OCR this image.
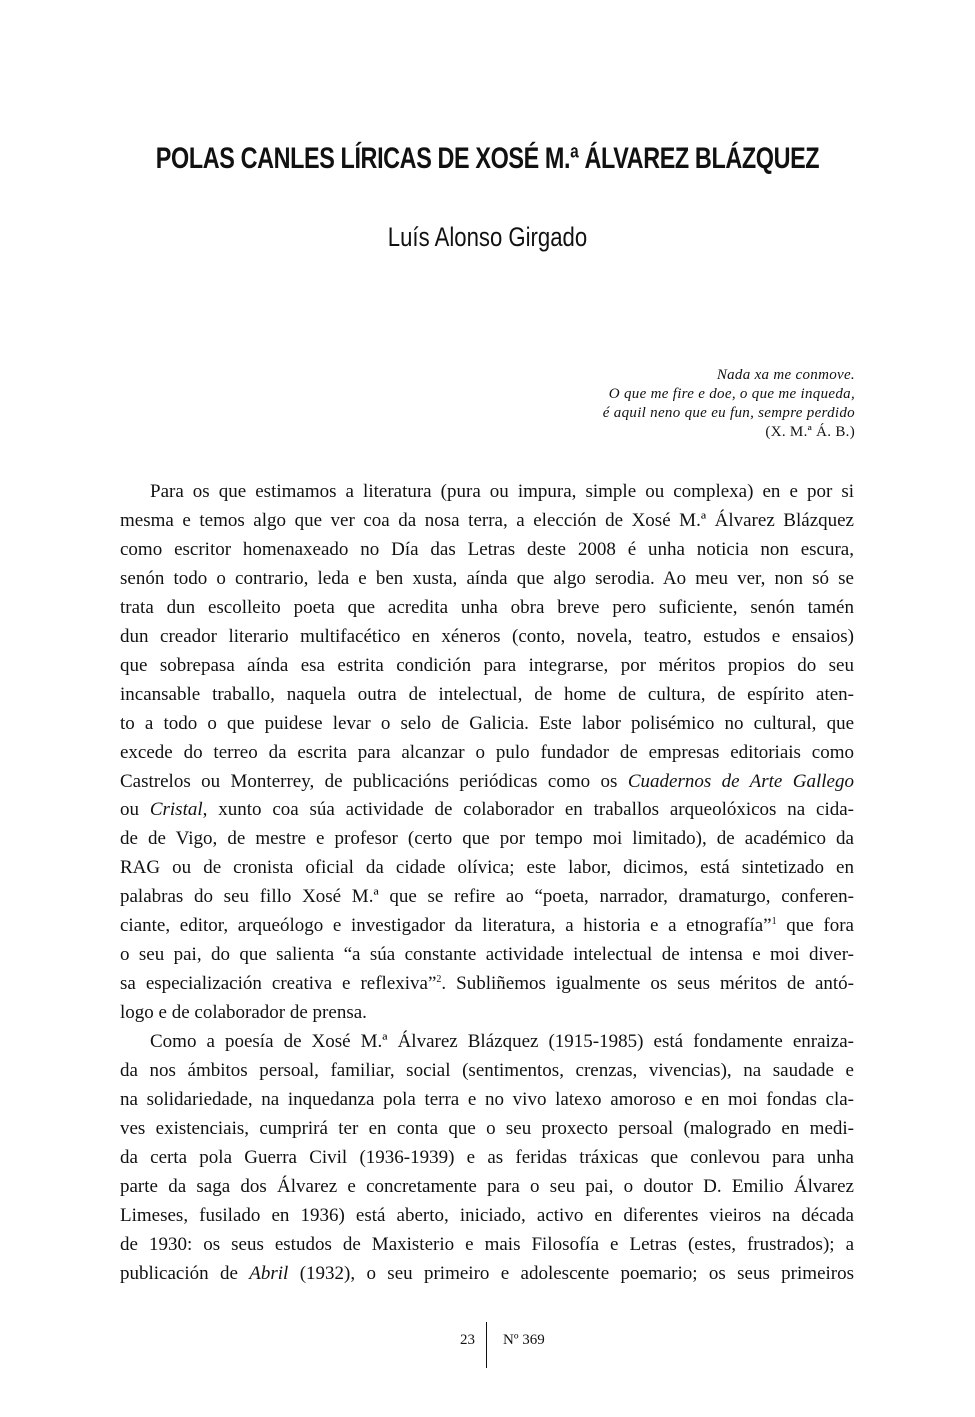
POLAS CANLES LÍRICAS DE XOSÉ M.ª ÁLVAREZ BLÁZQUEZ
Luís Alonso Girgado
Nada xa me conmove.
O que me fire e doe, o que me inqueda,
é aquil neno que eu fun, sempre perdido
(X. M.ª Á. B.)
Para os que estimamos a literatura (pura ou impura, simple ou complexa) en e por si
mesma e temos algo que ver coa da nosa terra, a elección de Xosé M.ª Álvarez Blázquez
como escritor homenaxeado no Día das Letras deste 2008 é unha noticia non escura,
senón todo o contrario, leda e ben xusta, aínda que algo serodia. Ao meu ver, non só se
trata dun escolleito poeta que acredita unha obra breve pero suficiente, senón tamén
dun creador literario multifacético en xéneros (conto, novela, teatro, estudos e ensaios)
que sobrepasa aínda esa estrita condición para integrarse, por méritos propios do seu
incansable traballo, naquela outra de intelectual, de home de cultura, de espírito aten-
to a todo o que puidese levar o selo de Galicia. Este labor polisémico no cultural, que
excede do terreo da escrita para alcanzar o pulo fundador de empresas editoriais como
Castrelos ou Monterrey, de publicacións periódicas como os Cuadernos de Arte Gallego
ou Cristal, xunto coa súa actividade de colaborador en traballos arqueolóxicos na cida-
de de Vigo, de mestre e profesor (certo que por tempo moi limitado), de académico da
RAG ou de cronista oficial da cidade olívica; este labor, dicimos, está sintetizado en
palabras do seu fillo Xosé M.ª que se refire ao “poeta, narrador, dramaturgo, conferen-
ciante, editor, arqueólogo e investigador da literatura, a historia e a etnografía”$^1$ que fora
o seu pai, do que salienta “a súa constante actividade intelectual de intensa e moi diver-
sa especialización creativa e reflexiva”$^2$. Subliñemos igualmente os seus méritos de antó-
logo e de colaborador de prensa.
Como a poesía de Xosé M.ª Álvarez Blázquez (1915-1985) está fondamente enraiza-
da nos ámbitos persoal, familiar, social (sentimentos, crenzas, vivencias), na saudade e
na solidariedade, na inquedanza pola terra e no vivo latexo amoroso e en moi fondas cla-
ves existenciais, cumprirá ter en conta que o seu proxecto persoal (malogrado en medi-
da certa pola Guerra Civil (1936-1939) e as feridas tráxicas que conlevou para unha
parte da saga dos Álvarez e concretamente para o seu pai, o doutor D. Emilio Álvarez
Limeses, fusilado en 1936) está aberto, iniciado, activo en diferentes vieiros na década
de 1930: os seus estudos de Maxisterio e mais Filosofía e Letras (estes, frustrados); a
publicación de Abril (1932), o seu primeiro e adolescente poemario; os seus primeiros
23 Nº 369
